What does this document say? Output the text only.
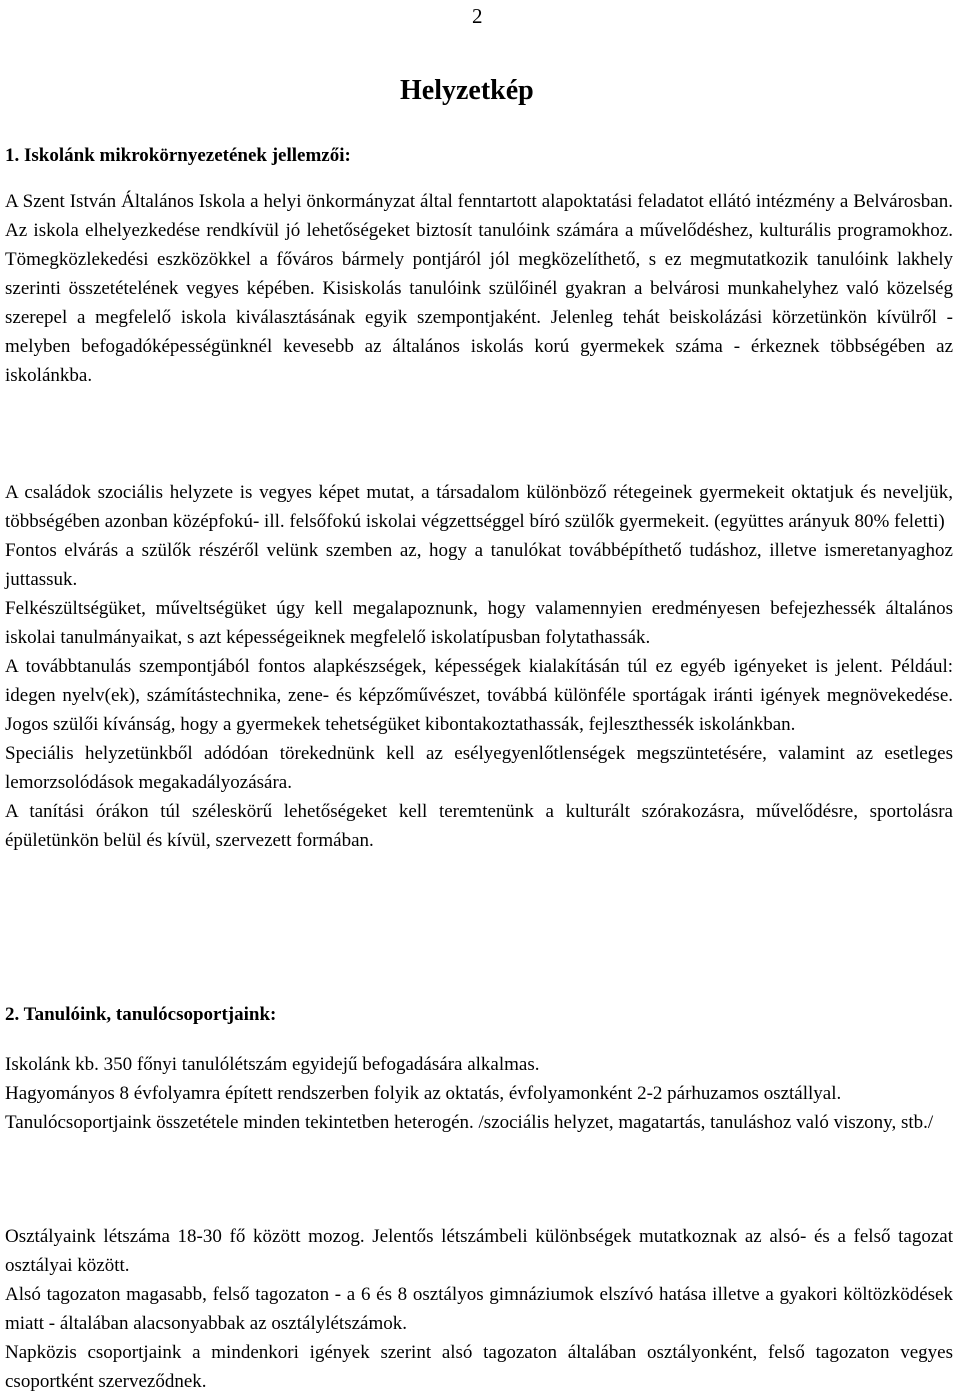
2
Helyzetkép
1. Iskolánk mikrokörnyezetének jellemzői:

A Szent István Általános Iskola a helyi önkormányzat által fenntartott alapoktatási feladatot ellátó intézmény a Belvárosban. Az iskola elhelyezkedése rendkívül jó lehetőségeket biztosít tanulóink számára a művelődéshez, kulturális programokhoz. Tömegközlekedési eszközökkel a főváros bármely pontjáról jól megközelíthető, s ez megmutatkozik tanulóink lakhely szerinti összetételének vegyes képében. Kisiskolás tanulóink szülőinél gyakran a belvárosi munkahelyhez való közelség szerepel a megfelelő iskola kiválasztásának egyik szempontjaként. Jelenleg tehát beiskolázási körzetünkön kívülről - melyben befogadóképességünknél kevesebb az általános iskolás korú gyermekek száma - érkeznek többségében az iskolánkba.

A családok szociális helyzete is vegyes képet mutat, a társadalom különböző rétegeinek gyermekeit oktatjuk és neveljük, többségében azonban középfokú- ill. felsőfokú iskolai végzettséggel bíró szülők gyermekeit. (együttes arányuk 80% feletti)

Fontos elvárás a szülők részéről velünk szemben az, hogy a tanulókat továbbépíthető tudáshoz, illetve ismeretanyaghoz juttassuk.

Felkészültségüket, műveltségüket úgy kell megalapoznunk, hogy valamennyien eredményesen befejezhessék általános iskolai tanulmányaikat, s azt képességeiknek megfelelő iskolatípusban folytathassák.

A továbbtanulás szempontjából fontos alapkészségek, képességek kialakításán túl ez egyéb igényeket is jelent. Például: idegen nyelv(ek), számítástechnika, zene- és képzőművészet, továbbá különféle sportágak iránti igények megnövekedése. Jogos szülői kívánság, hogy a gyermekek tehetségüket kibontakoztathassák, fejleszthessék iskolánkban.

Speciális helyzetünkből adódóan törekednünk kell az esélyegyenlőtlenségek megszüntetésére, valamint az esetleges lemorzsolódások megakadályozására.

A tanítási órákon túl széleskörű lehetőségeket kell teremtenünk a kulturált szórakozásra, művelődésre, sportolásra épületünkön belül és kívül, szervezett formában.

2. Tanulóink, tanulócsoportjaink:

Iskolánk kb. 350 főnyi tanulólétszám egyidejű befogadására alkalmas.

Hagyományos 8 évfolyamra épített rendszerben folyik az oktatás, évfolyamonként 2-2 párhuzamos osztállyal.

Tanulócsoportjaink összetétele minden tekintetben heterogén. /szociális helyzet, magatartás, tanuláshoz való viszony, stb./

Osztályaink létszáma 18-30 fő között mozog. Jelentős létszámbeli különbségek mutatkoznak az alsó- és a felső tagozat osztályai között.

Alsó tagozaton magasabb, felső tagozaton - a 6 és 8 osztályos gimnáziumok elszívó hatása illetve a gyakori költözködések miatt - általában alacsonyabbak az osztálylétszámok.

Napközis csoportjaink a mindenkori igények szerint alsó tagozaton általában osztályonként, felső tagozaton vegyes csoportként szerveződnek.
